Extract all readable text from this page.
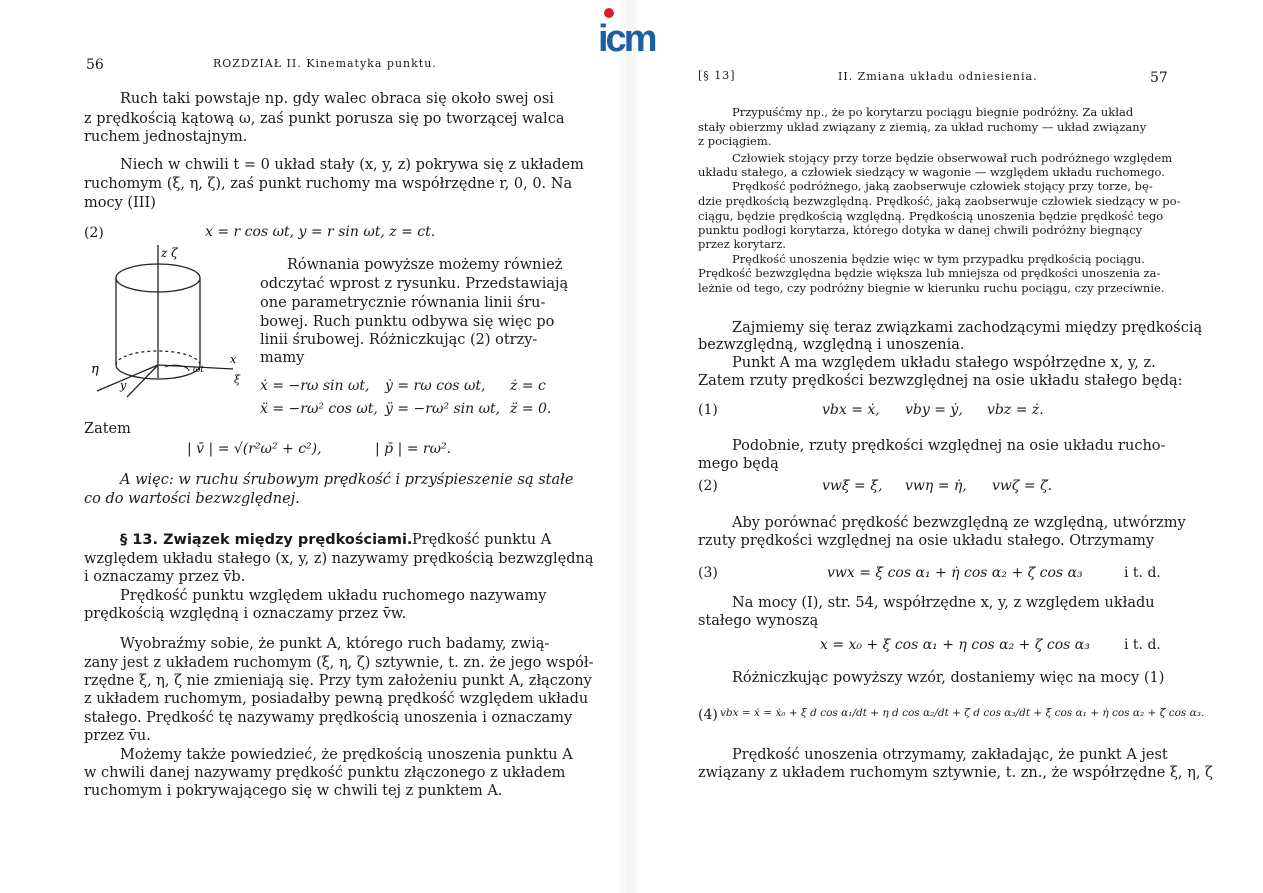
icm
56	ROZDZIAŁ II. Kinematyka punktu.
Ruch taki powstaje np. gdy walec obraca się około swej osi
z prędkością kątową ω, zaś punkt porusza się po tworzącej walca
ruchem jednostajnym.
Niech w chwili t = 0 układ stały (x, y, z) pokrywa się z układem
ruchomym (ξ, η, ζ), zaś punkt ruchomy ma współrzędne r, 0, 0. Na
mocy (III)
(2)	x = r cos ωt, y = r sin ωt, z = ct.
z ζ
η
y
x
ξ
ωt
Równania powyższe możemy również
odczytać wprost z rysunku. Przedstawiają
one parametrycznie równania linii śru-
bowej. Ruch punktu odbywa się więc po
linii śrubowej. Różniczkując (2) otrzy-
mamy
ẋ = −rω sin ωt, ẏ = rω cos ωt, ż = c
ẍ = −rω² cos ωt, ÿ = −rω² sin ωt, z̈ = 0.
Zatem
| v̄ | = √(r²ω² + c²),	| p̄ | = rω².
A więc: w ruchu śrubowym prędkość i przyśpieszenie są stałe
co do wartości bezwzględnej.
§ 13. Związek między prędkościami. Prędkość punktu A
względem układu stałego (x, y, z) nazywamy prędkością bezwzględną
i oznaczamy przez v̄b.
Prędkość punktu względem układu ruchomego nazywamy
prędkością względną i oznaczamy przez v̄w.
Wyobraźmy sobie, że punkt A, którego ruch badamy, zwią-
zany jest z układem ruchomym (ξ, η, ζ) sztywnie, t. zn. że jego współ-
rzędne ξ, η, ζ nie zmieniają się. Przy tym założeniu punkt A, złączony
z układem ruchomym, posiadałby pewną prędkość względem układu
stałego. Prędkość tę nazywamy prędkością unoszenia i oznaczamy
przez v̄u.
Możemy także powiedzieć, że prędkością unoszenia punktu A
w chwili danej nazywamy prędkość punktu złączonego z układem
ruchomym i pokrywającego się w chwili tej z punktem A.
[§ 13]	II. Zmiana układu odniesienia.	57
Przypuśćmy np., że po korytarzu pociągu biegnie podróżny. Za układ
stały obierzmy układ związany z ziemią, za układ ruchomy — układ związany
z pociągiem.
Człowiek stojący przy torze będzie obserwował ruch podróżnego względem
układu stałego, a człowiek siedzący w wagonie — względem układu ruchomego.
Prędkość podróżnego, jaką zaobserwuje człowiek stojący przy torze, bę-
dzie prędkością bezwzględną. Prędkość, jaką zaobserwuje człowiek siedzący w po-
ciągu, będzie prędkością względną. Prędkością unoszenia będzie prędkość tego
punktu podłogi korytarza, którego dotyka w danej chwili podróżny biegnący
przez korytarz.
Prędkość unoszenia będzie więc w tym przypadku prędkością pociągu.
Prędkość bezwzględna będzie większa lub mniejsza od prędkości unoszenia za-
leżnie od tego, czy podróżny biegnie w kierunku ruchu pociągu, czy przeciwnie.
Zajmiemy się teraz związkami zachodzącymi między prędkością
bezwzględną, względną i unoszenia.
Punkt A ma względem układu stałego współrzędne x, y, z.
Zatem rzuty prędkości bezwzględnej na osie układu stałego będą:
(1)	vbx = ẋ, vby = ẏ, vbz = ż.
Podobnie, rzuty prędkości względnej na osie układu rucho-
mego będą
(2)	vwξ = ξ̇, vwη = η̇, vwζ = ζ̇.
Aby porównać prędkość bezwzględną ze względną, utwórzmy
rzuty prędkości względnej na osie układu stałego. Otrzymamy
(3)	vwx = ξ̇ cos α₁ + η̇ cos α₂ + ζ̇ cos α₃	i t. d.
Na mocy (I), str. 54, współrzędne x, y, z względem układu
stałego wynoszą
x = x₀ + ξ cos α₁ + η cos α₂ + ζ cos α₃ i t. d.
Różniczkując powyższy wzór, dostaniemy więc na mocy (1)
(4) vbx = ẋ = ẋ₀ + ξ d cos α₁/dt + η d cos α₂/dt + ζ d cos α₃/dt + ξ̇ cos α₁ + η̇ cos α₂ + ζ̇ cos α₃.
Prędkość unoszenia otrzymamy, zakładając, że punkt A jest
związany z układem ruchomym sztywnie, t. zn., że współrzędne ξ, η, ζ
